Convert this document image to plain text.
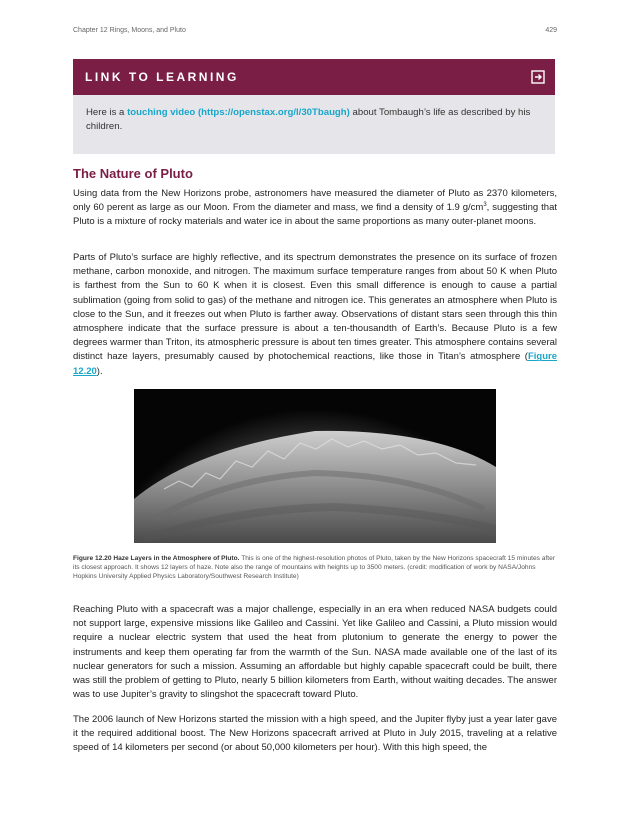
Chapter 12 Rings, Moons, and Pluto	429
LINK TO LEARNING
Here is a touching video (https://openstax.org/l/30Tbaugh) about Tombaugh’s life as described by his children.
The Nature of Pluto

Using data from the New Horizons probe, astronomers have measured the diameter of Pluto as 2370 kilometers, only 60 perent as large as our Moon. From the diameter and mass, we find a density of 1.9 $g/cm^3$, suggesting that Pluto is a mixture of rocky materials and water ice in about the same proportions as many outer-planet moons.

Parts of Pluto’s surface are highly reflective, and its spectrum demonstrates the presence on its surface of frozen methane, carbon monoxide, and nitrogen. The maximum surface temperature ranges from about 50 K when Pluto is farthest from the Sun to 60 K when it is closest. Even this small difference is enough to cause a partial sublimation (going from solid to gas) of the methane and nitrogen ice. This generates an atmosphere when Pluto is close to the Sun, and it freezes out when Pluto is farther away. Observations of distant stars seen through this thin atmosphere indicate that the surface pressure is about a ten-thousandth of Earth’s. Because Pluto is a few degrees warmer than Triton, its atmospheric pressure is about ten times greater. This atmosphere contains several distinct haze layers, presumably caused by photochemical reactions, like those in Titan’s atmosphere (Figure 12.20).

Figure 12.20 Haze Layers in the Atmosphere of Pluto. This is one of the highest-resolution photos of Pluto, taken by the New Horizons spacecraft 15 minutes after its closest approach. It shows 12 layers of haze. Note also the range of mountains with heights up to 3500 meters. (credit: modification of work by NASA/Johns Hopkins University Applied Physics Laboratory/Southwest Research Institute)

Reaching Pluto with a spacecraft was a major challenge, especially in an era when reduced NASA budgets could not support large, expensive missions like Galileo and Cassini. Yet like Galileo and Cassini, a Pluto mission would require a nuclear electric system that used the heat from plutonium to generate the energy to power the instruments and keep them operating far from the warmth of the Sun. NASA made available one of the last of its nuclear generators for such a mission. Assuming an affordable but highly capable spacecraft could be built, there was still the problem of getting to Pluto, nearly 5 billion kilometers from Earth, without waiting decades. The answer was to use Jupiter’s gravity to slingshot the spacecraft toward Pluto.

The 2006 launch of New Horizons started the mission with a high speed, and the Jupiter flyby just a year later gave it the required additional boost. The New Horizons spacecraft arrived at Pluto in July 2015, traveling at a relative speed of 14 kilometers per second (or about 50,000 kilometers per hour). With this high speed, the
